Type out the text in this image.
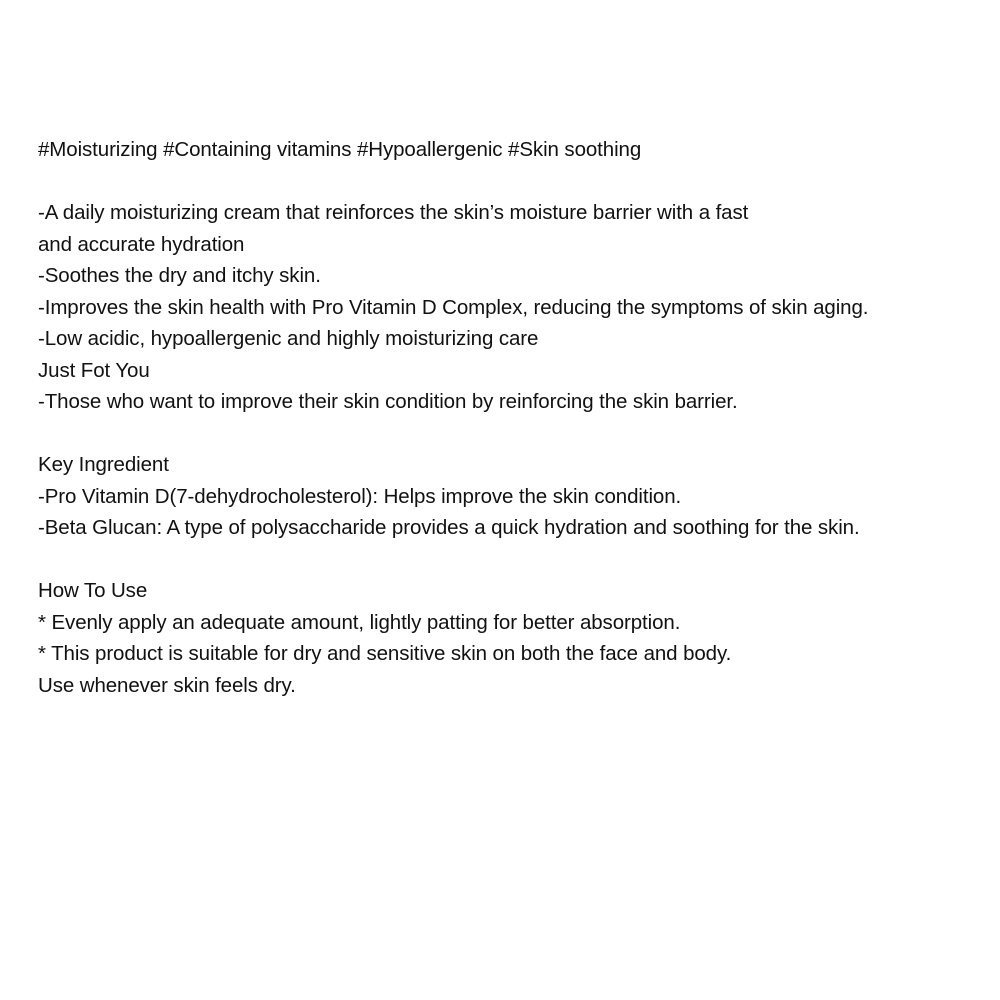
#Moisturizing #Containing vitamins #Hypoallergenic #Skin soothing
-A daily moisturizing cream that reinforces the skin’s moisture barrier with a fast
and accurate hydration
-Soothes the dry and itchy skin.
-Improves the skin health with Pro Vitamin D Complex, reducing the symptoms of skin aging.
-Low acidic, hypoallergenic and highly moisturizing care
Just Fot You
-Those who want to improve their skin condition by reinforcing the skin barrier.
Key Ingredient
-Pro Vitamin D(7-dehydrocholesterol): Helps improve the skin condition.
-Beta Glucan: A type of polysaccharide provides a quick hydration and soothing for the skin.
How To Use
* Evenly apply an adequate amount, lightly patting for better absorption.
* This product is suitable for dry and sensitive skin on both the face and body.
Use whenever skin feels dry.
